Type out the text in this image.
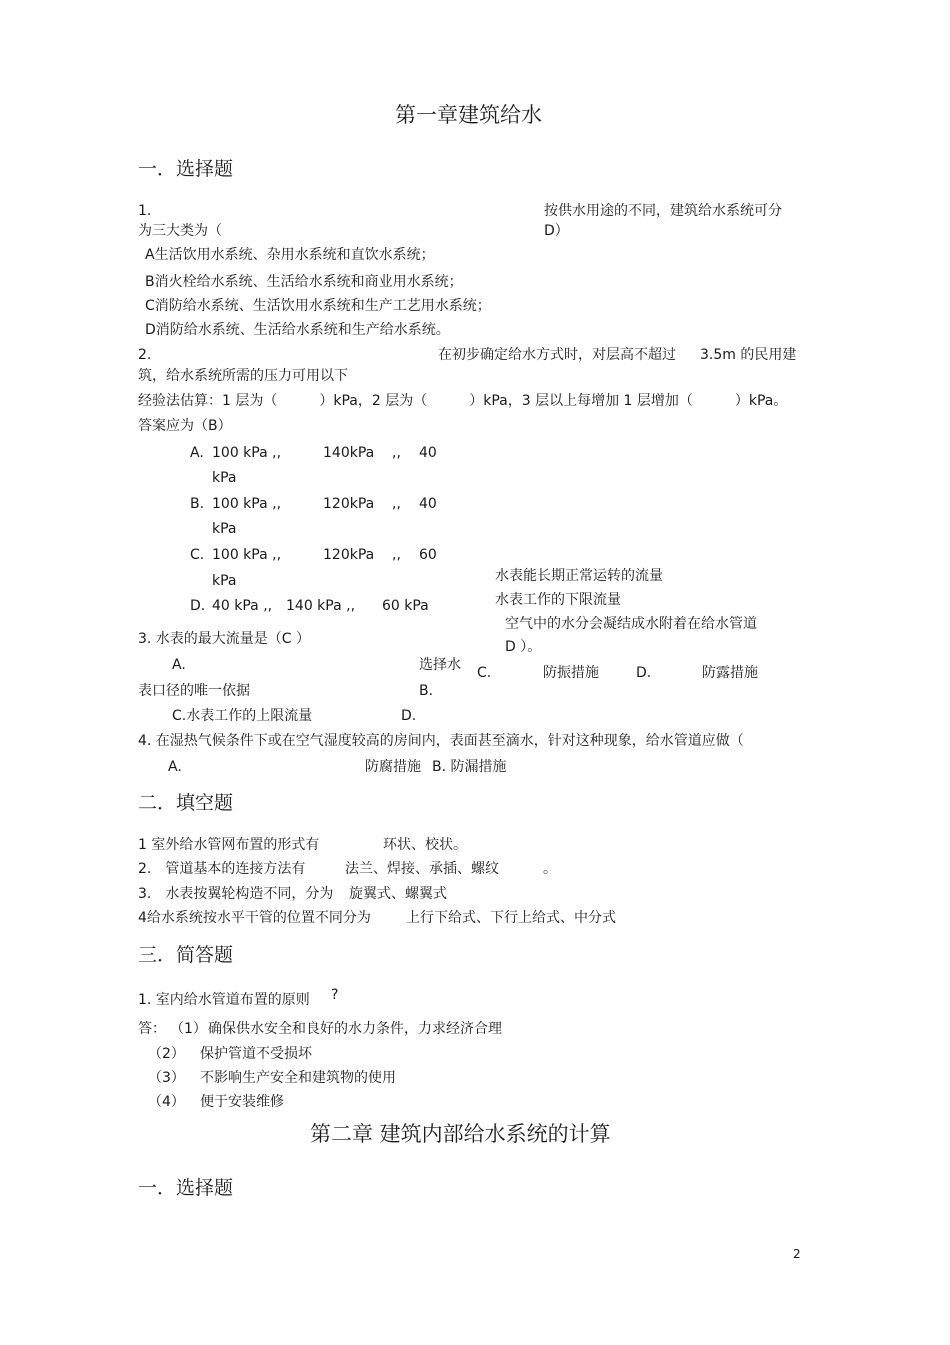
第一章建筑给水
一．选择题
1.	按供水用途的不同，建筑给水系统可分
为三大类为（	D）
A生活饮用水系统、杂用水系统和直饮水系统；
B消火栓给水系统、生活给水系统和商业用水系统；
C消防给水系统、生活饮用水系统和生产工艺用水系统；
D消防给水系统、生活给水系统和生产给水系统。
2.	在初步确定给水方式时，对层高不超过 3.5m 的民用建
筑，给水系统所需的压力可用以下
经验法估算：1 层为（　　　）kPa，2 层为（　　　）kPa，3 层以上每增加 1 层增加（　　　）kPa。
答案应为（B）
A. 100 kPa ,,	140kPa ,, 40
kPa
B. 100 kPa ,,	120kPa ,, 40
kPa
C. 100 kPa ,,	120kPa ,, 60
kPa	水表能长期正常运转的流量
D. 40 kPa ,, 140 kPa ,, 60 kPa	水表工作的下限流量
空气中的水分会凝结成水附着在给水管道
3. 水表的最大流量是（C ）	D ）。
A.	选择水 C.	防振措施	D.	防露措施
表口径的唯一依据	B.
C.水表工作的上限流量	D.
4. 在湿热气候条件下或在空气湿度较高的房间内，表面甚至滴水，针对这种现象，给水管道应做（
A.	防腐措施 B. 防漏措施
二．填空题
1 室外给水管网布置的形式有	环状、校状。
2.　管道基本的连接方法有	法兰、焊接、承插、螺纹	。
3.　水表按翼轮构造不同，分为 旋翼式、螺翼式
4给水系统按水平干管的位置不同分为	上行下给式、下行上给式、中分式
三．简答题
1. 室内给水管道布置的原则 ?
答： （1） 确保供水安全和良好的水力条件，力求经济合理
（2） 保护管道不受损坏
（3） 不影响生产安全和建筑物的使用
（4） 便于安装维修
第二章 建筑内部给水系统的计算
一．选择题
2
